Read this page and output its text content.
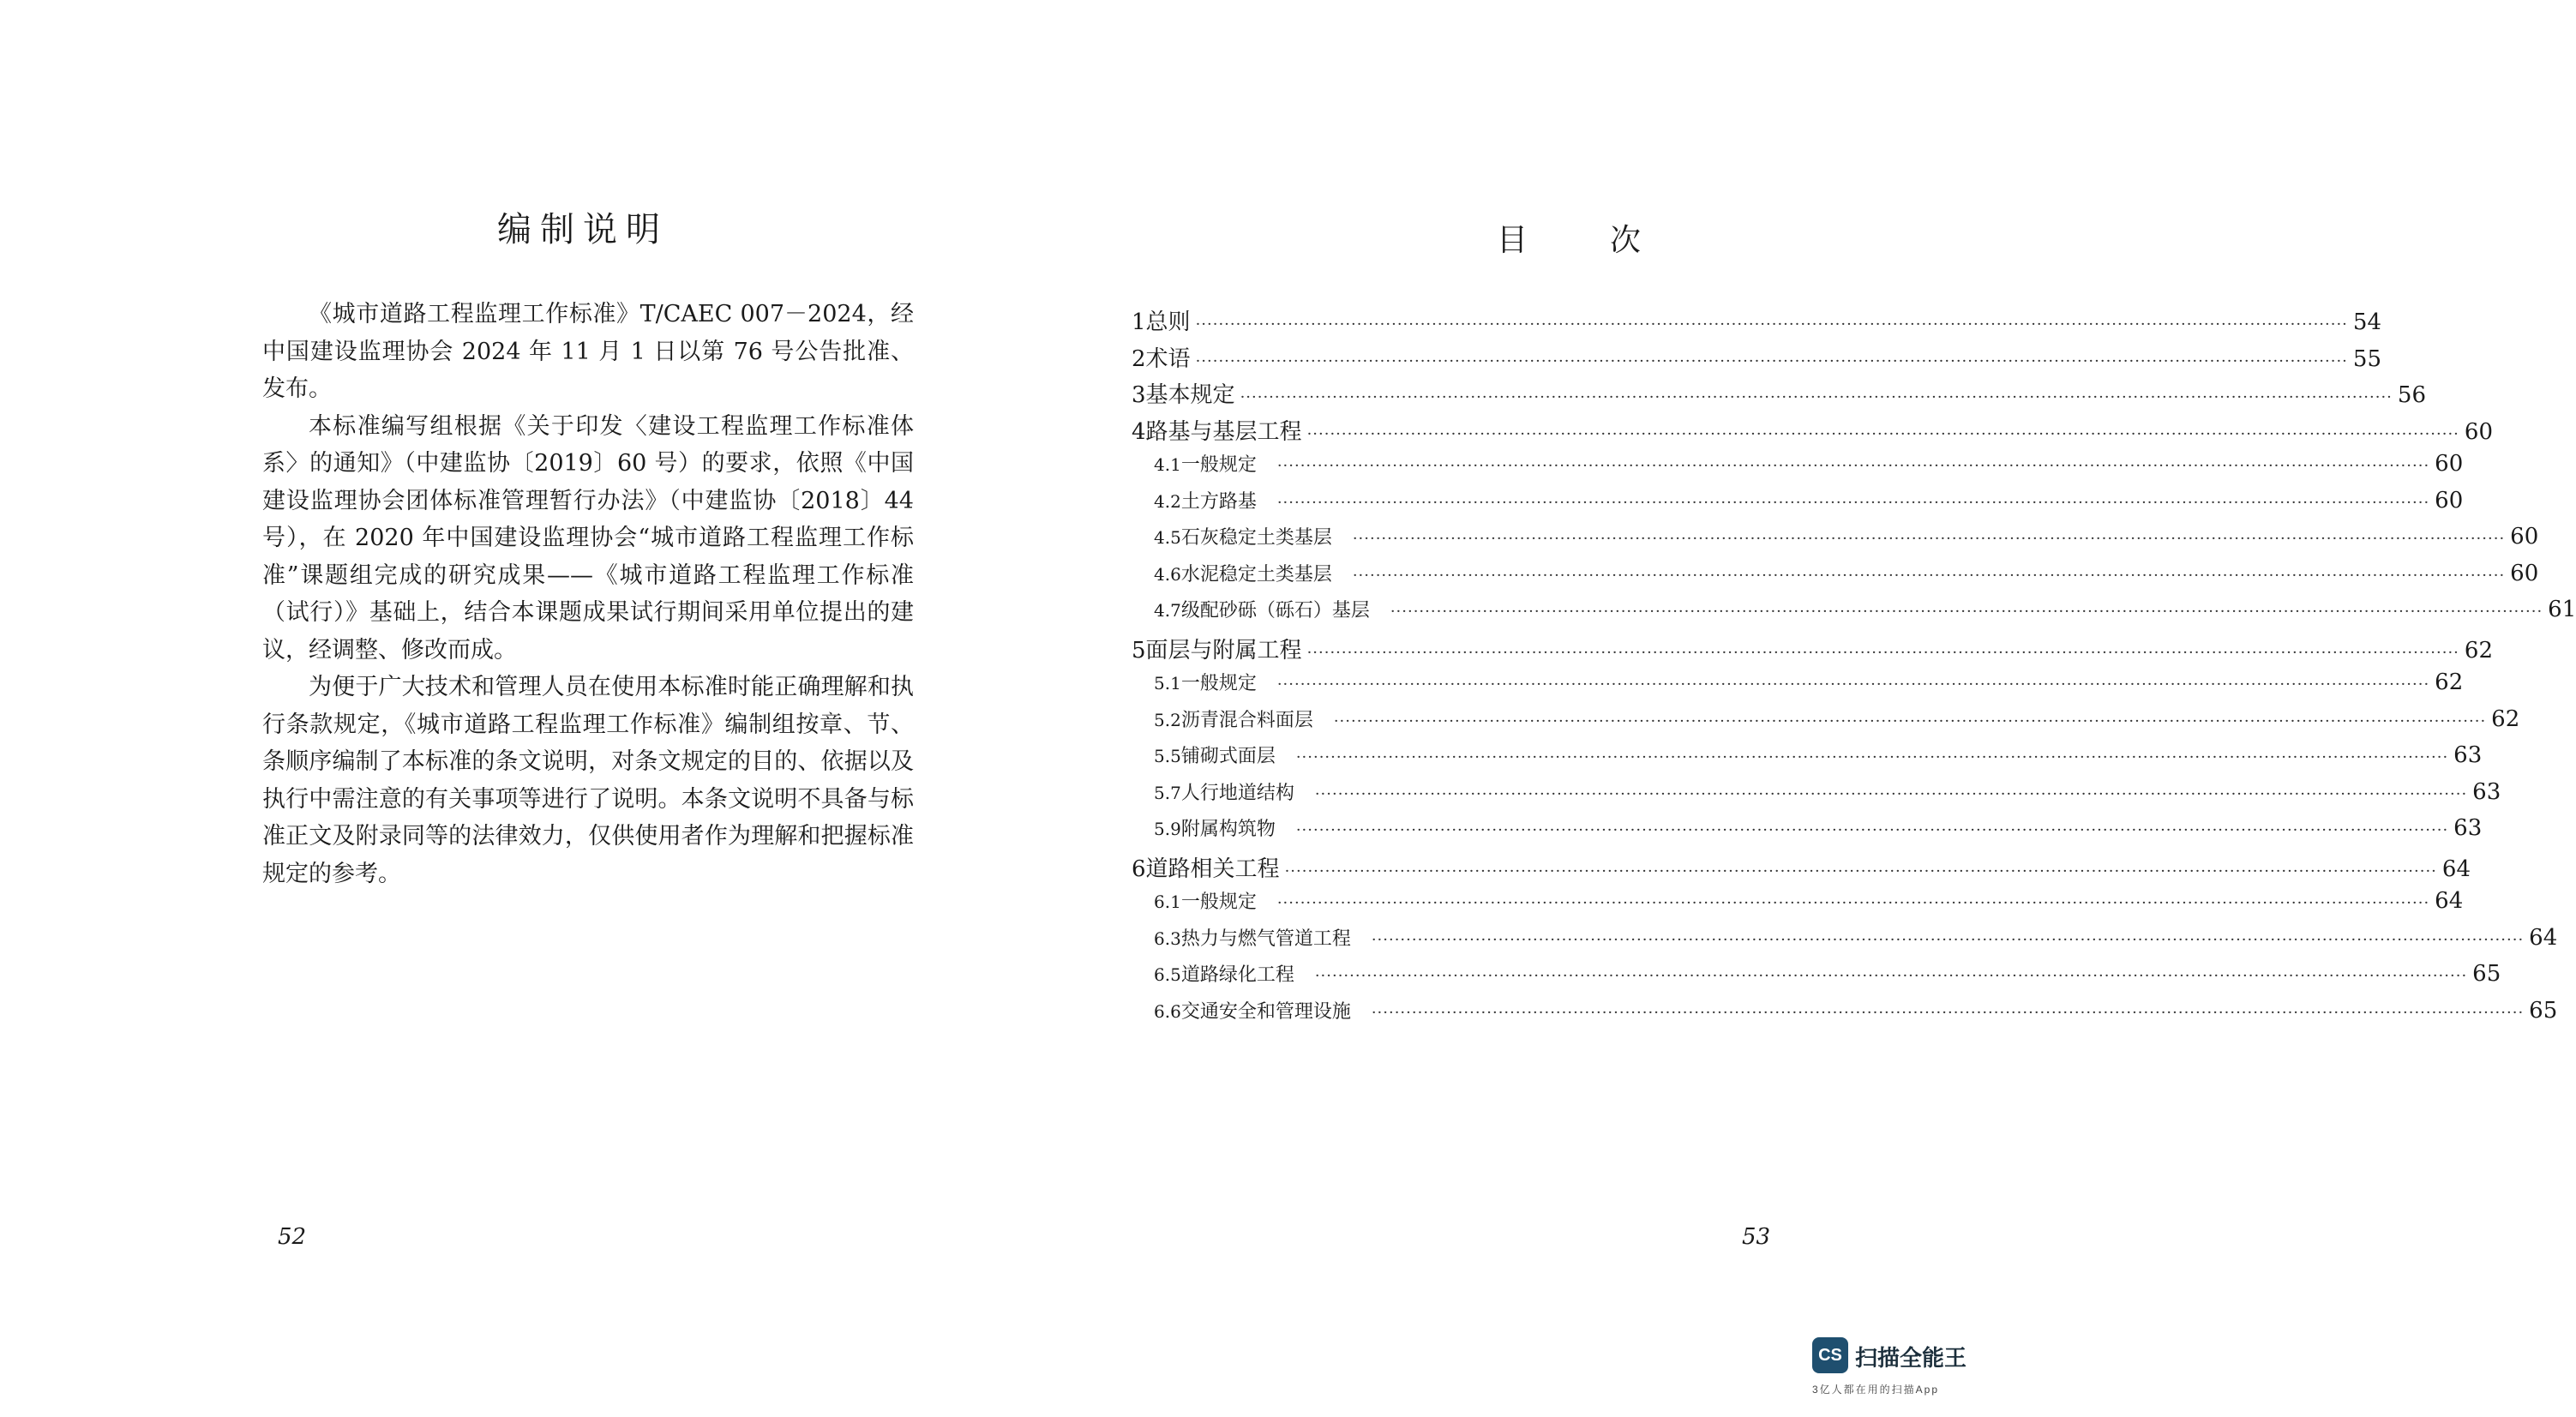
编制说明

《城市道路工程监理工作标准》T/CAEC 007－2024，经中国建设监理协会 2024 年 11 月 1 日以第 76 号公告批准、发布。

本标准编写组根据《关于印发〈建设工程监理工作标准体系〉的通知》（中建监协〔2019〕60 号）的要求，依照《中国建设监理协会团体标准管理暂行办法》（中建监协〔2018〕44 号），在 2020 年中国建设监理协会“城市道路工程监理工作标准”课题组完成的研究成果——《城市道路工程监理工作标准（试行）》基础上，结合本课题成果试行期间采用单位提出的建议，经调整、修改而成。

为便于广大技术和管理人员在使用本标准时能正确理解和执行条款规定，《城市道路工程监理工作标准》编制组按章、节、条顺序编制了本标准的条文说明，对条文规定的目的、依据以及执行中需注意的有关事项等进行了说明。本条文说明不具备与标准正文及附录同等的法律效力，仅供使用者作为理解和把握标准规定的参考。

52
目次
1 总则 ········································································································································································································ 54
2 术语 ········································································································································································································ 55
3 基本规定 ········································································································································································································ 56
4 路基与基层工程 ········································································································································································································ 60
4.1 一般规定 ········································································································································································································ 60
4.2 土方路基 ········································································································································································································ 60
4.5 石灰稳定土类基层 ········································································································································································································ 60
4.6 水泥稳定土类基层 ········································································································································································································ 60
4.7 级配砂砾（砾石）基层 ········································································································································································································ 61
5 面层与附属工程 ········································································································································································································ 62
5.1 一般规定 ········································································································································································································ 62
5.2 沥青混合料面层 ········································································································································································································ 62
5.5 铺砌式面层 ········································································································································································································ 63
5.7 人行地道结构 ········································································································································································································ 63
5.9 附属构筑物 ········································································································································································································ 63
6 道路相关工程 ········································································································································································································ 64
6.1 一般规定 ········································································································································································································ 64
6.3 热力与燃气管道工程 ········································································································································································································ 64
6.5 道路绿化工程 ········································································································································································································ 65
6.6 交通安全和管理设施 ········································································································································································································ 65
53
CS 扫描全能王
3亿人都在用的扫描App
